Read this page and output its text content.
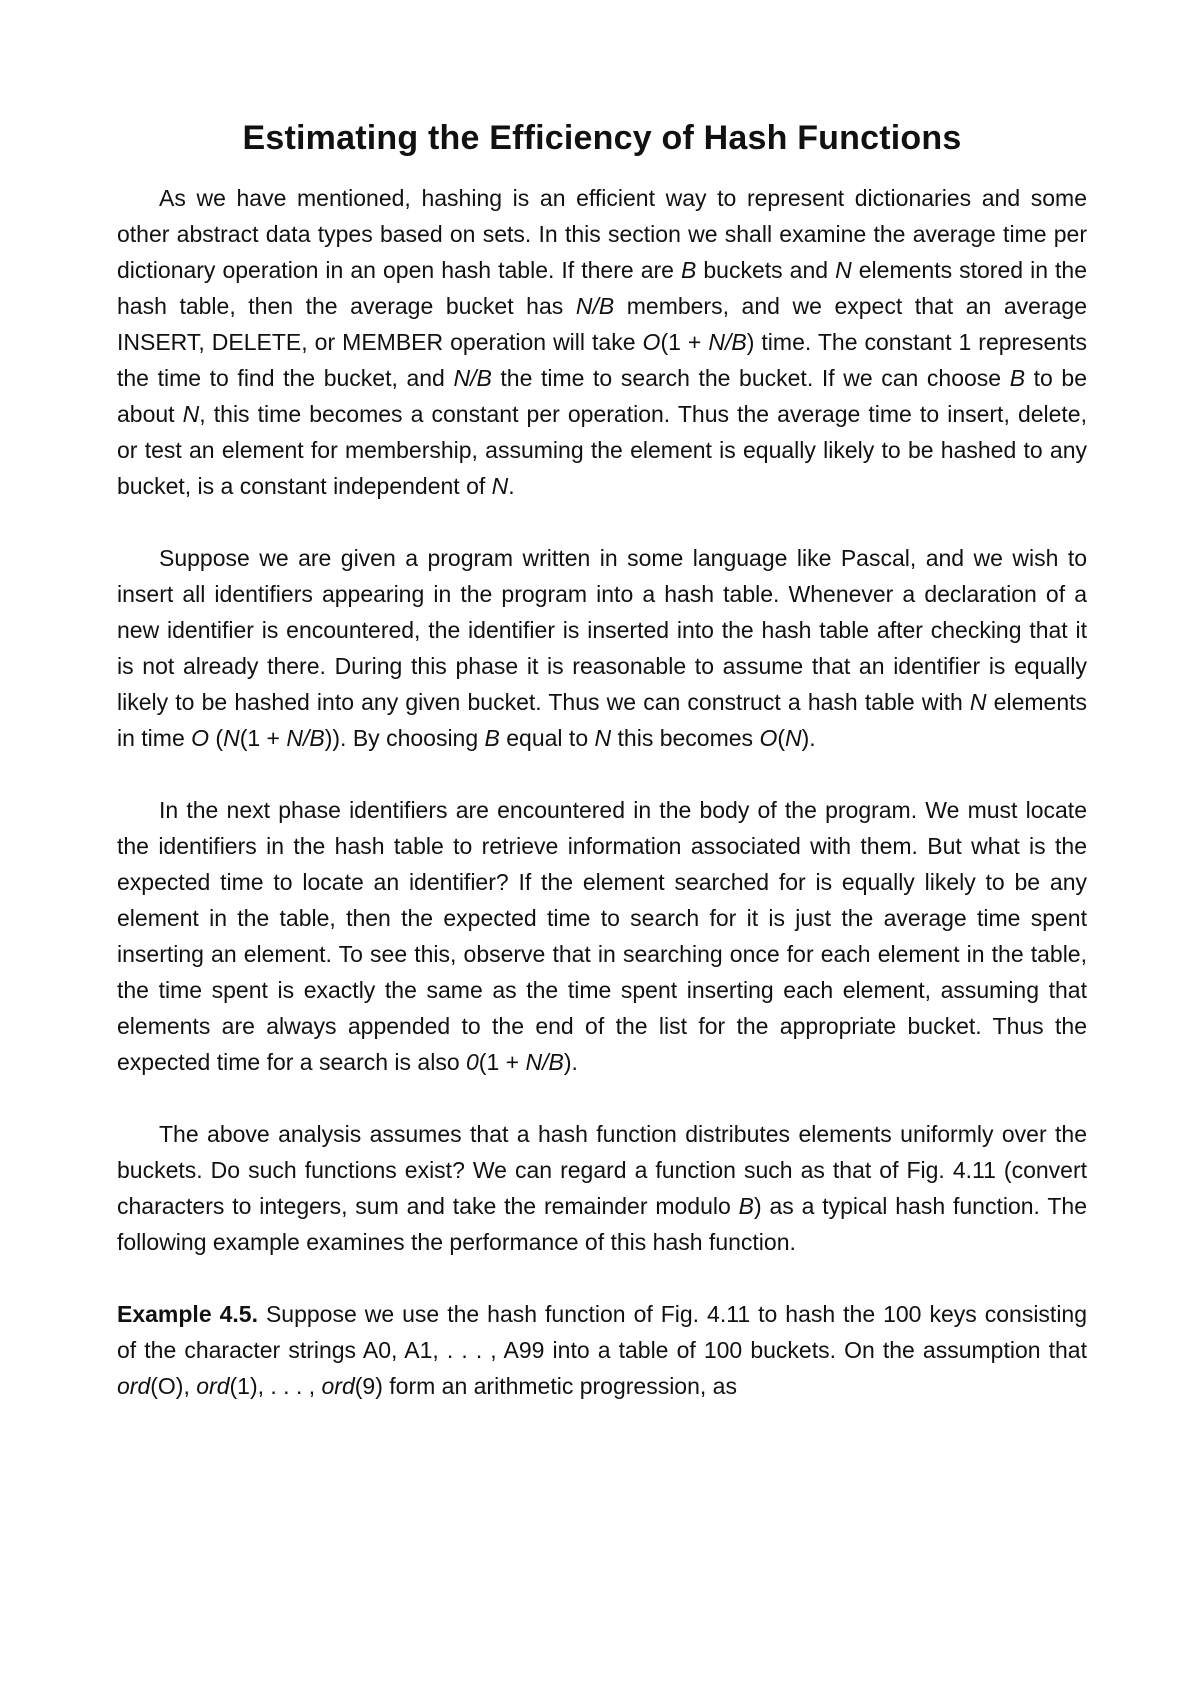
Estimating the Efficiency of Hash Functions

As we have mentioned, hashing is an efficient way to represent dictionaries and some other abstract data types based on sets. In this section we shall examine the average time per dictionary operation in an open hash table. If there are B buckets and N elements stored in the hash table, then the average bucket has N/B members, and we expect that an average INSERT, DELETE, or MEMBER operation will take O(1 + N/B) time. The constant 1 represents the time to find the bucket, and N/B the time to search the bucket. If we can choose B to be about N, this time becomes a constant per operation. Thus the average time to insert, delete, or test an element for membership, assuming the element is equally likely to be hashed to any bucket, is a constant independent of N.

Suppose we are given a program written in some language like Pascal, and we wish to insert all identifiers appearing in the program into a hash table. Whenever a declaration of a new identifier is encountered, the identifier is inserted into the hash table after checking that it is not already there. During this phase it is reasonable to assume that an identifier is equally likely to be hashed into any given bucket. Thus we can construct a hash table with N elements in time O (N(1 + N/B)). By choosing B equal to N this becomes O(N).

In the next phase identifiers are encountered in the body of the program. We must locate the identifiers in the hash table to retrieve information associated with them. But what is the expected time to locate an identifier? If the element searched for is equally likely to be any element in the table, then the expected time to search for it is just the average time spent inserting an element. To see this, observe that in searching once for each element in the table, the time spent is exactly the same as the time spent inserting each element, assuming that elements are always appended to the end of the list for the appropriate bucket. Thus the expected time for a search is also 0(1 + N/B).

The above analysis assumes that a hash function distributes elements uniformly over the buckets. Do such functions exist? We can regard a function such as that of Fig. 4.11 (convert characters to integers, sum and take the remainder modulo B) as a typical hash function. The following example examines the performance of this hash function.

Example 4.5. Suppose we use the hash function of Fig. 4.11 to hash the 100 keys consisting of the character strings A0, A1, . . . , A99 into a table of 100 buckets. On the assumption that ord(O), ord(1), . . . , ord(9) form an arithmetic progression, as
